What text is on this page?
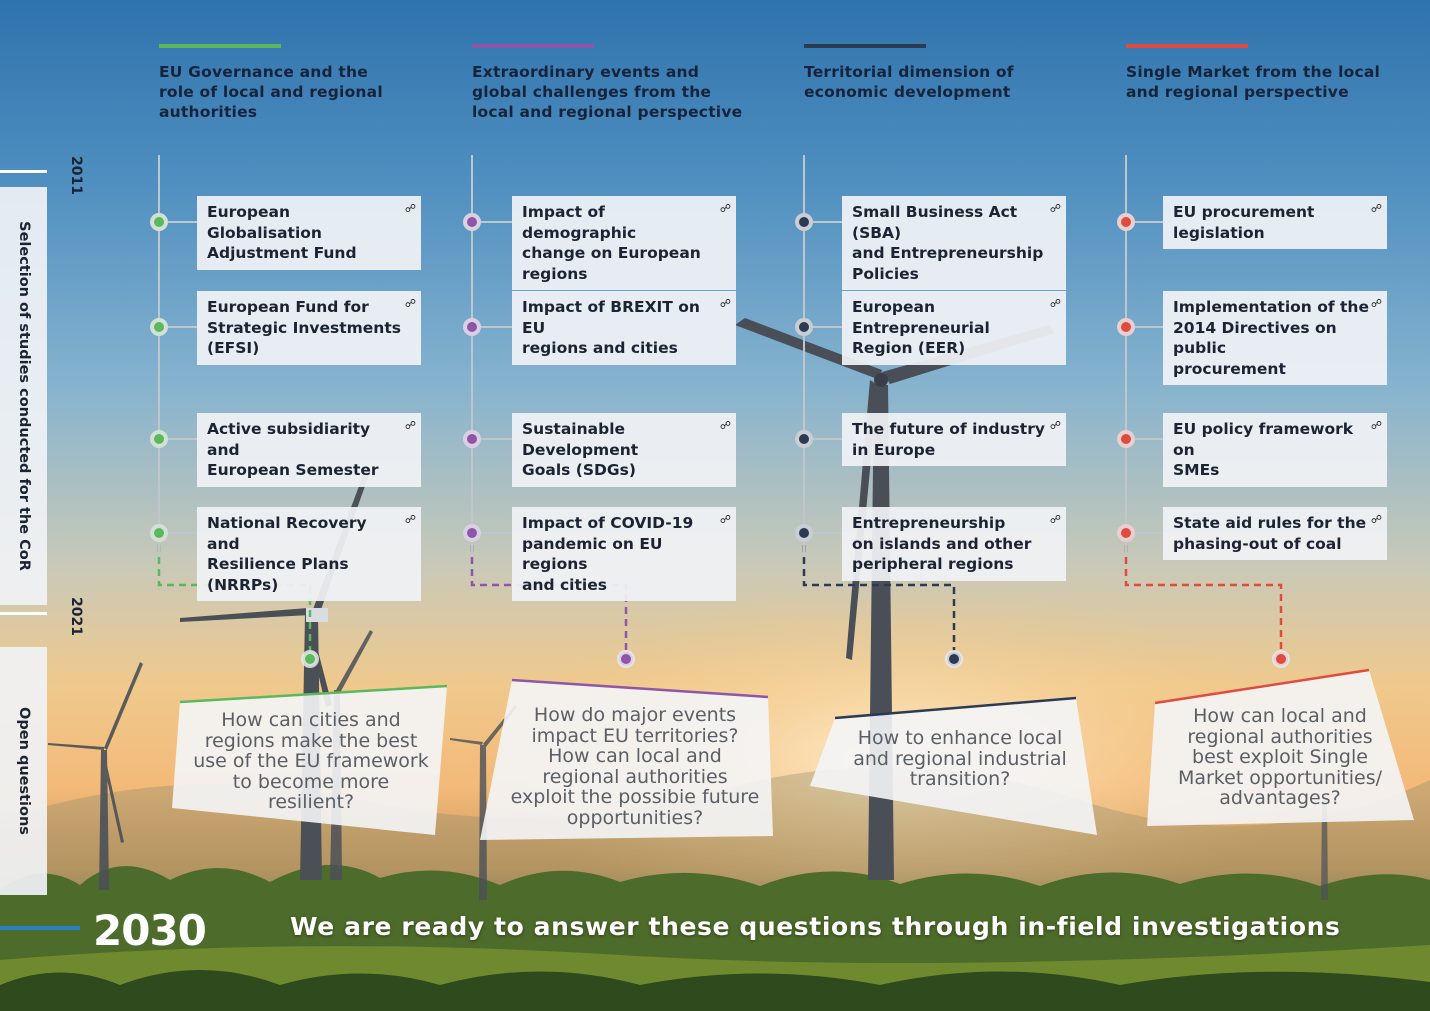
Selection of studies conducted for the CoR
Open questions
2011
2021
EU Governance and the
role of local and regional
authorities
European Globalisation
Adjustment Fund
☍
European Fund for
Strategic Investments
(EFSI)
☍
Active subsidiarity and
European Semester
☍
National Recovery and
Resilience Plans (NRRPs)
☍
How can cities and
regions make the best
use of the EU framework
to become more
resilient?
Extraordinary events and
global challenges from the
local and regional perspective
Impact of demographic
change on European
regions
☍
Impact of BREXIT on EU
regions and cities
☍
Sustainable Development
Goals (SDGs)
☍
Impact of COVID-19
pandemic on EU regions
and cities
☍
How do major events
impact EU territories?
How can local and
regional authorities
exploit the possibie future
opportunities?
Territorial dimension of
economic development
Small Business Act (SBA)
and Entrepreneurship
Policies
☍
European Entrepreneurial
Region (EER)
☍
The future of industry
in Europe
☍
Entrepreneurship
on islands and other
peripheral regions
☍
How to enhance local
and regional industrial
transition?
Single Market from the local
and regional perspective
EU procurement
legislation
☍
Implementation of the
2014 Directives on public
procurement
☍
EU policy framework on
SMEs
☍
State aid rules for the
phasing-out of coal
☍
How can local and
regional authorities
best exploit Single
Market opportunities/
advantages?
2030	We are ready to answer these questions through in-field investigations
